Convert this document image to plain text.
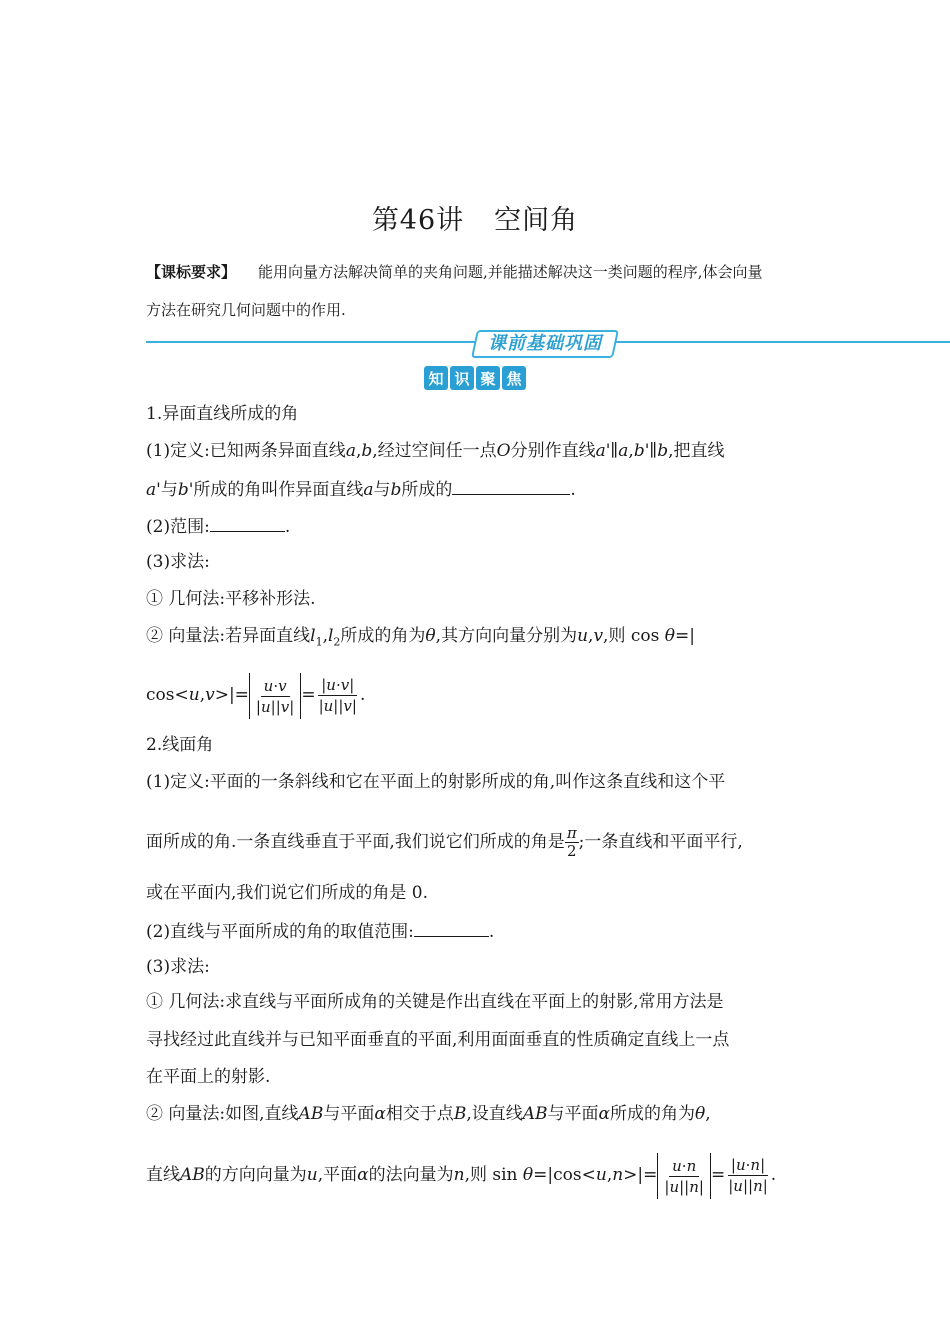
第46讲 空间角
【课标要求】 能用向量方法解决简单的夹角问题,并能描述解决这一类问题的程序,体会向量
方法在研究几何问题中的作用.
课前基础巩固
知 识 聚 焦
1.异面直线所成的角
(1)定义:已知两条异面直线a,b,经过空间任一点O分别作直线a'∥a,b'∥b,把直线
a'与b'所成的角叫作异面直线a与b所成的	.
(2)范围:	.
(3)求法:
① 几何法:平移补形法.
② 向量法:若异面直线$l_1,l_2$所成的角为θ,其方向向量分别为u,v,则 cos θ=|
$\cos<u,v>|= \frac{u\cdot v}{|u||v|} = \frac{|u\cdot v|}{|u||v|}$ .
2.线面角
(1)定义:平面的一条斜线和它在平面上的射影所成的角,叫作这条直线和这个平
面所成的角.一条直线垂直于平面,我们说它们所成的角是 $\frac{\pi}{2}$ ;一条直线和平面平行,
或在平面内,我们说它们所成的角是 0.
(2)直线与平面所成的角的取值范围:	.
(3)求法:
① 几何法:求直线与平面所成角的关键是作出直线在平面上的射影,常用方法是
寻找经过此直线并与已知平面垂直的平面,利用面面垂直的性质确定直线上一点
在平面上的射影.
② 向量法:如图,直线AB与平面α相交于点B,设直线AB与平面α所成的角为θ,
直线AB的方向向量为u,平面α的法向量为n,则 $\sin \theta=|\cos<u,n>|= \frac{u\cdot n}{|u||n|} = \frac{|u\cdot n|}{|u||n|}$ .
